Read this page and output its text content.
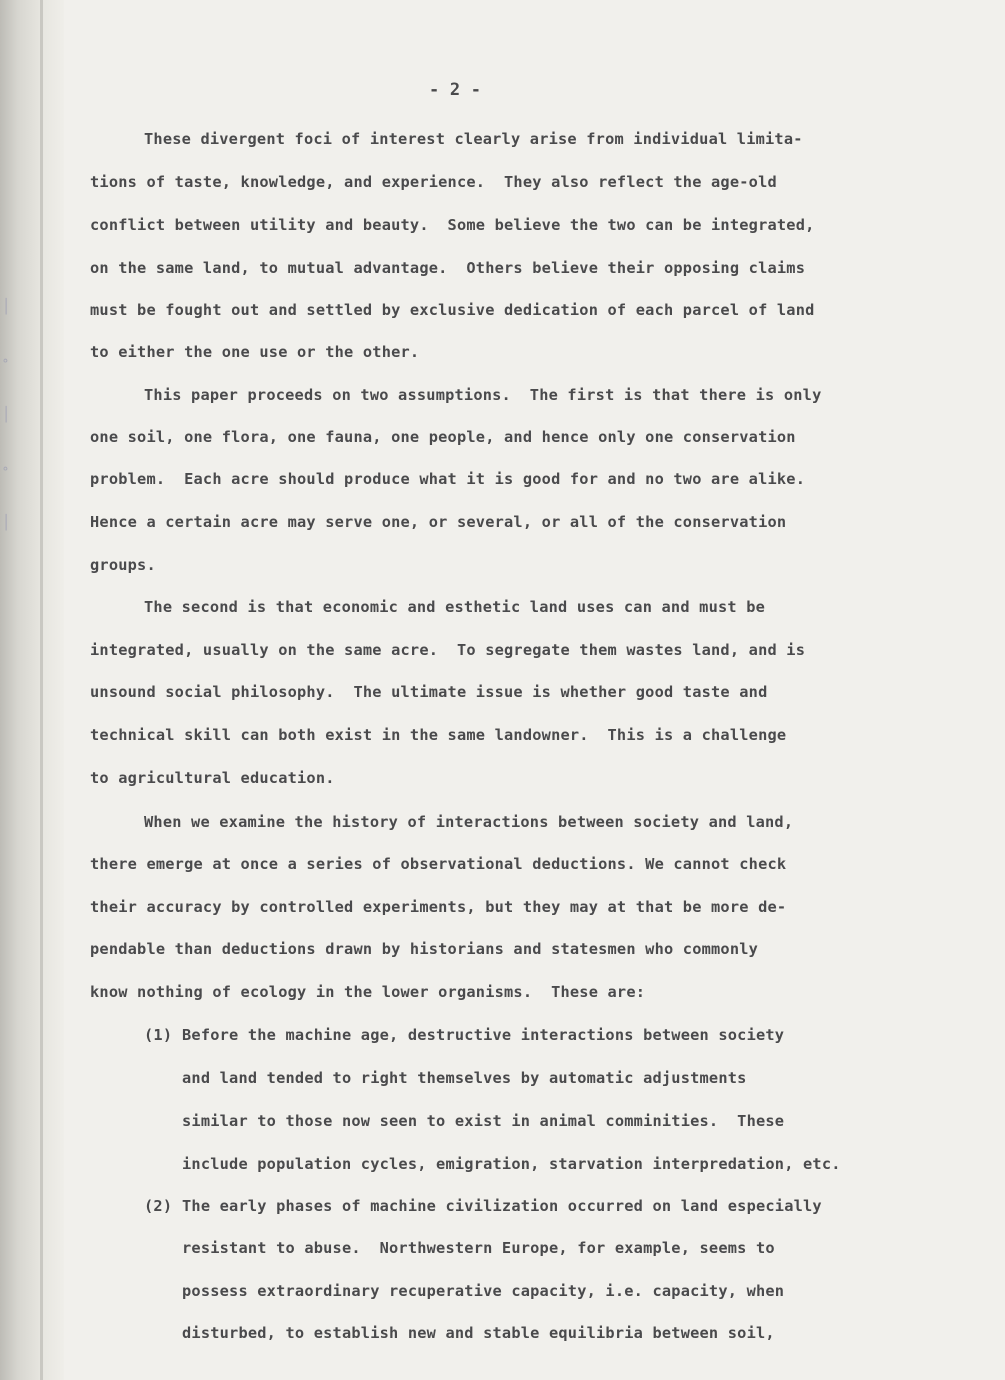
│
∘
│
∘
│
- 2 -
These divergent foci of interest clearly arise from individual limita-
tions of taste, knowledge, and experience.  They also reflect the age-old
conflict between utility and beauty.  Some believe the two can be integrated,
on the same land, to mutual advantage.  Others believe their opposing claims
must be fought out and settled by exclusive dedication of each parcel of land
to either the one use or the other.
This paper proceeds on two assumptions.  The first is that there is only
one soil, one flora, one fauna, one people, and hence only one conservation
problem.  Each acre should produce what it is good for and no two are alike.
Hence a certain acre may serve one, or several, or all of the conservation
groups.
The second is that economic and esthetic land uses can and must be
integrated, usually on the same acre.  To segregate them wastes land, and is
unsound social philosophy.  The ultimate issue is whether good taste and
technical skill can both exist in the same landowner.  This is a challenge
to agricultural education.
When we examine the history of interactions between society and land,
there emerge at once a series of observational deductions. We cannot check
their accuracy by controlled experiments, but they may at that be more de-
pendable than deductions drawn by historians and statesmen who commonly
know nothing of ecology in the lower organisms.  These are:
(1) Before the machine age, destructive interactions between society
and land tended to right themselves by automatic adjustments
similar to those now seen to exist in animal comminities.  These
include population cycles, emigration, starvation interpredation, etc.
(2) The early phases of machine civilization occurred on land especially
resistant to abuse.  Northwestern Europe, for example, seems to
possess extraordinary recuperative capacity, i.e. capacity, when
disturbed, to establish new and stable equilibria between soil,
